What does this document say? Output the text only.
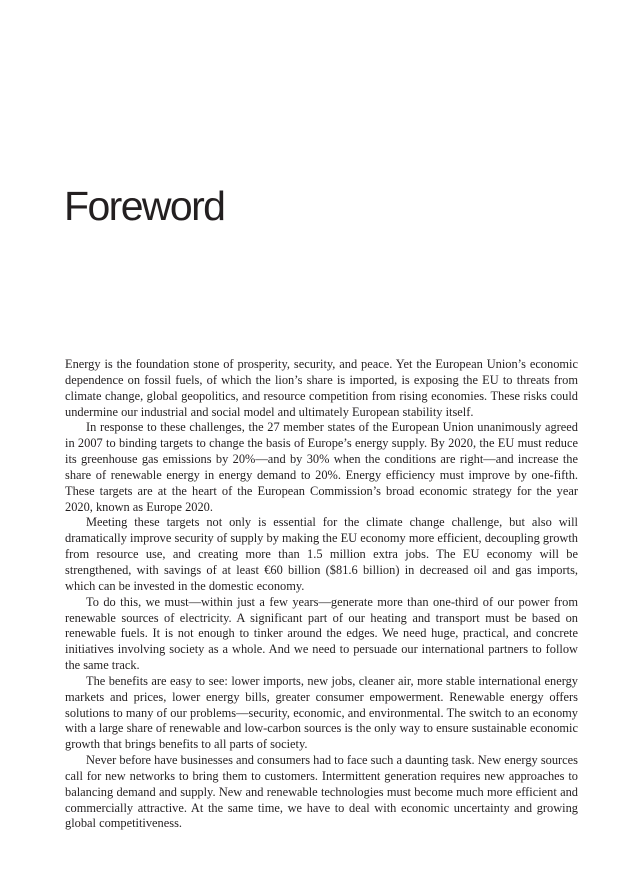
Foreword

Energy is the foundation stone of prosperity, security, and peace. Yet the European Union’s economic dependence on fossil fuels, of which the lion’s share is imported, is exposing the EU to threats from climate change, global geopolitics, and resource competition from rising economies. These risks could undermine our industrial and social model and ultimately European stability itself.

In response to these challenges, the 27 member states of the European Union unanimously agreed in 2007 to binding targets to change the basis of Europe’s energy supply. By 2020, the EU must reduce its greenhouse gas emissions by 20%—and by 30% when the conditions are right—and increase the share of renewable energy in energy demand to 20%. Energy efficiency must improve by one-fifth. These targets are at the heart of the European Commission’s broad economic strategy for the year 2020, known as Europe 2020.

Meeting these targets not only is essential for the climate change challenge, but also will dramatically improve security of supply by making the EU economy more efficient, decoupling growth from resource use, and creating more than 1.5 million extra jobs. The EU economy will be strengthened, with savings of at least €60 billion ($81.6 billion) in decreased oil and gas imports, which can be invested in the domestic economy.

To do this, we must—within just a few years—generate more than one-third of our power from renewable sources of electricity. A significant part of our heating and transport must be based on renewable fuels. It is not enough to tinker around the edges. We need huge, practical, and concrete initiatives involving society as a whole. And we need to persuade our international partners to follow the same track.

The benefits are easy to see: lower imports, new jobs, cleaner air, more stable international energy markets and prices, lower energy bills, greater consumer empowerment. Renewable energy offers solutions to many of our problems—security, economic, and environmental. The switch to an economy with a large share of renewable and low-carbon sources is the only way to ensure sustainable economic growth that brings benefits to all parts of society.

Never before have businesses and consumers had to face such a daunting task. New energy sources call for new networks to bring them to customers. Intermittent generation requires new approaches to balancing demand and supply. New and renewable technologies must become much more efficient and commercially attractive. At the same time, we have to deal with economic uncertainty and growing global competitiveness.
